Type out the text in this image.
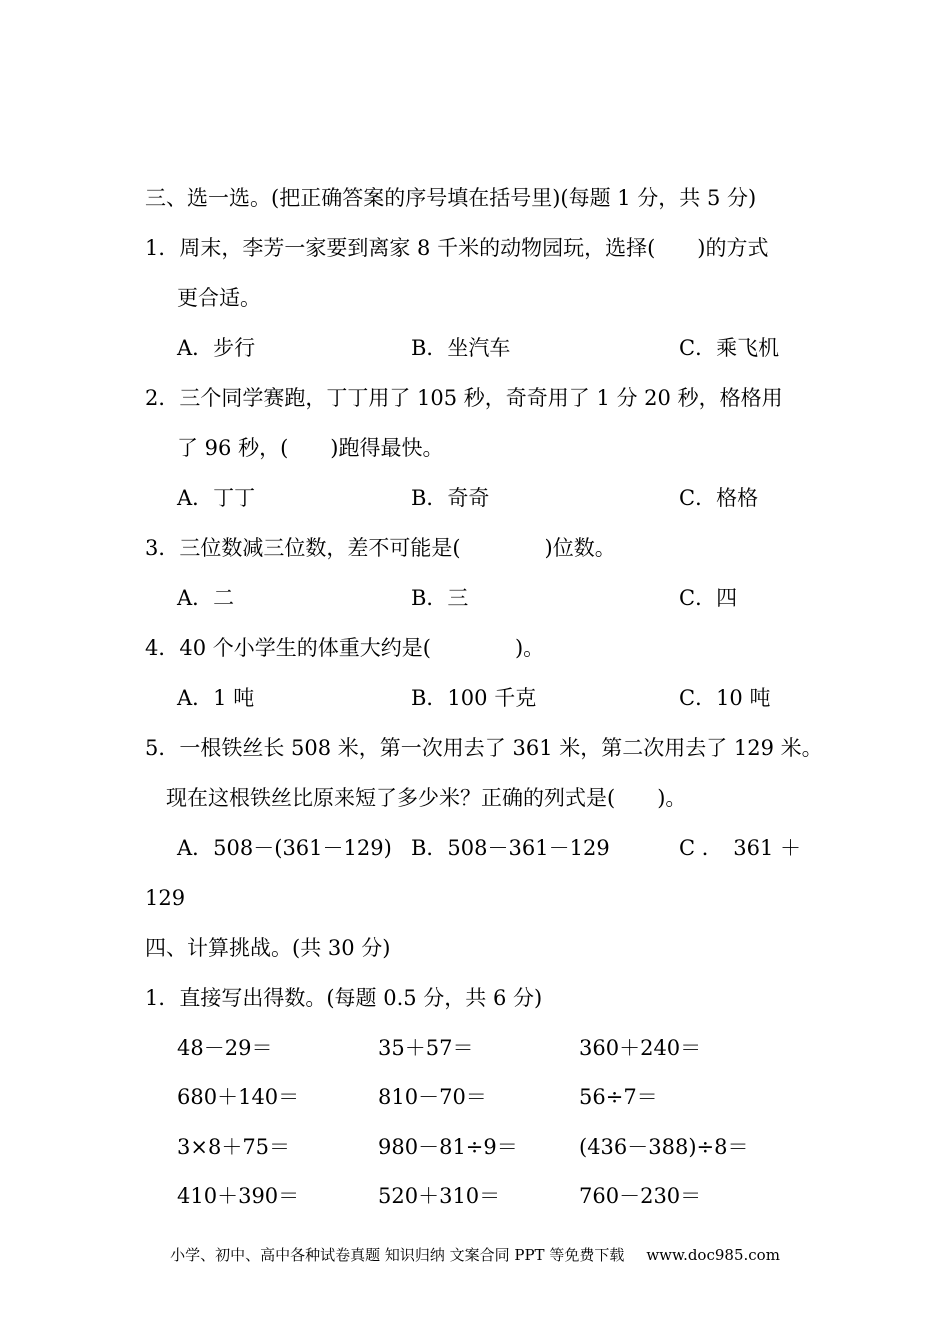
三、选一选。(把正确答案的序号填在括号里)(每题 1 分，共 5 分)
1．周末，李芳一家要到离家 8 千米的动物园玩，选择(　　)的方式
更合适。
A．步行	B．坐汽车	C．乘飞机
2．三个同学赛跑，丁丁用了 105 秒，奇奇用了 1 分 20 秒，格格用
了 96 秒，(　　)跑得最快。
A．丁丁	B．奇奇	C．格格
3．三位数减三位数，差不可能是(　　　　)位数。
A．二	B．三	C．四
4．40 个小学生的体重大约是(　　　　)。
A．1 吨	B．100 千克	C．10 吨
5．一根铁丝长 508 米，第一次用去了 361 米，第二次用去了 129 米。
现在这根铁丝比原来短了多少米？正确的列式是(　　)。
A．508－(361－129) B．508－361－129	C ．　361 ＋
129
四、计算挑战。(共 30 分)
1．直接写出得数。(每题 0.5 分，共 6 分)
48－29＝	35＋57＝	360＋240＝
680＋140＝	810－70＝	56÷7＝
3×8＋75＝	980－81÷9＝	(436－388)÷8＝
410＋390＝	520＋310＝	760－230＝
小学、初中、高中各种试卷真题 知识归纳 文案合同 PPT 等免费下载 www.doc985.com
